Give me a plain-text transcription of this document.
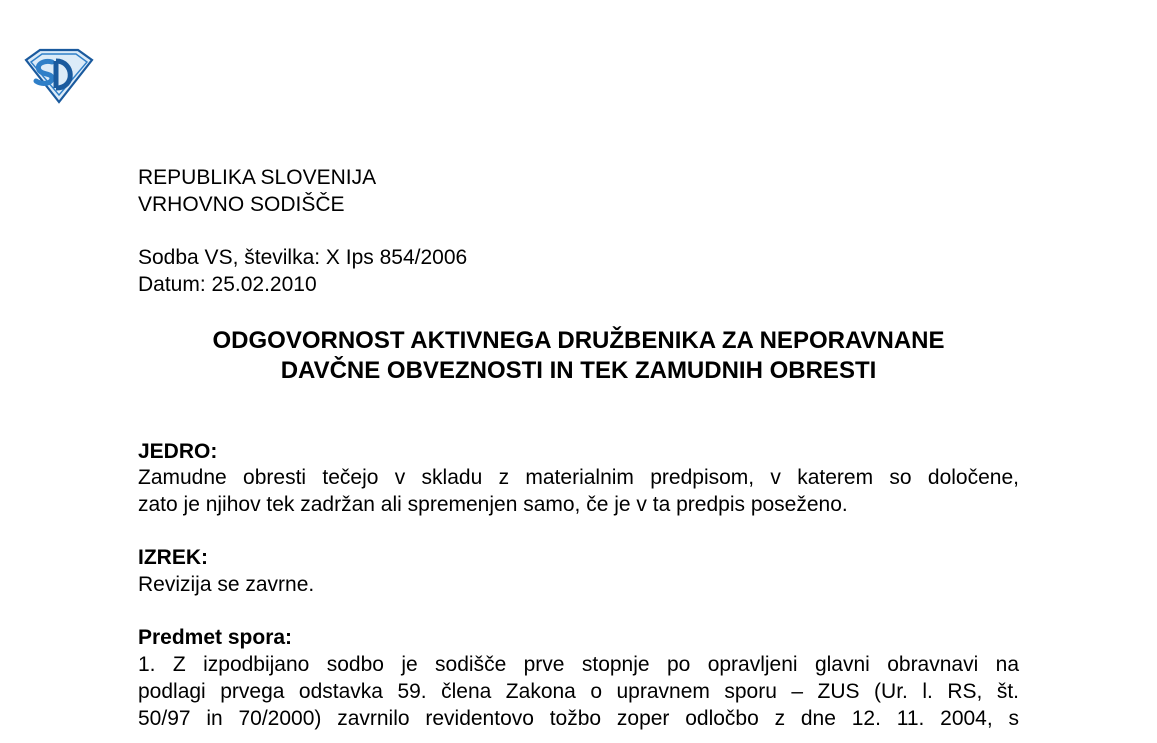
REPUBLIKA SLOVENIJA
VRHOVNO SODIŠČE
Sodba VS, številka: X Ips 854/2006
Datum: 25.02.2010
ODGOVORNOST AKTIVNEGA DRUŽBENIKA ZA NEPORAVNANE
DAVČNE OBVEZNOSTI IN TEK ZAMUDNIH OBRESTI
JEDRO:
Zamudne obresti tečejo v skladu z materialnim predpisom, v katerem so določene,
zato je njihov tek zadržan ali spremenjen samo, če je v ta predpis poseženo.
IZREK:
Revizija se zavrne.
Predmet spora:
1. Z izpodbijano sodbo je sodišče prve stopnje po opravljeni glavni obravnavi na
podlagi prvega odstavka 59. člena Zakona o upravnem sporu – ZUS (Ur. l. RS, št.
50/97 in 70/2000) zavrnilo revidentovo tožbo zoper odločbo z dne 12. 11. 2004, s
